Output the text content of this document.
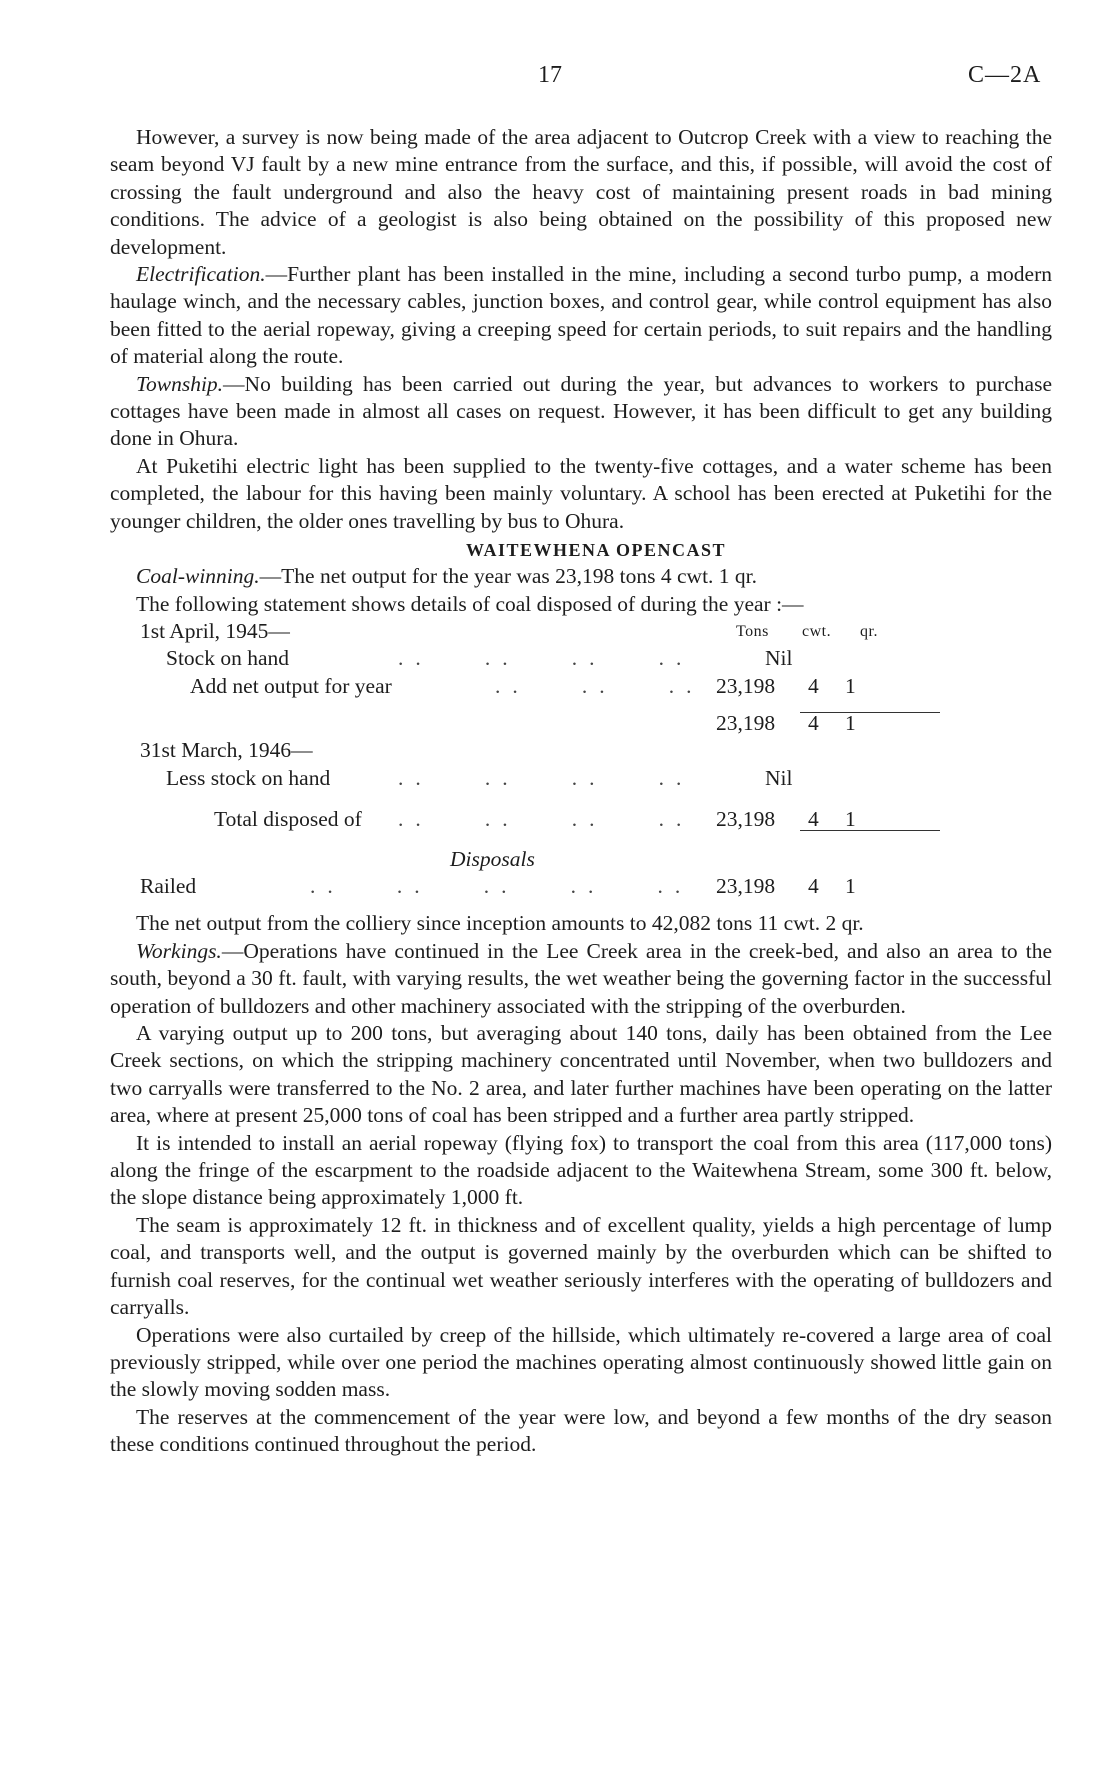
17	C—2A

However, a survey is now being made of the area adjacent to Outcrop Creek with a view to reaching the seam beyond VJ fault by a new mine entrance from the surface, and this, if possible, will avoid the cost of crossing the fault underground and also the heavy cost of maintaining present roads in bad mining conditions. The advice of a geologist is also being obtained on the possibility of this proposed new development.

Electrification.—Further plant has been installed in the mine, including a second turbo pump, a modern haulage winch, and the necessary cables, junction boxes, and control gear, while control equipment has also been fitted to the aerial ropeway, giving a creeping speed for certain periods, to suit repairs and the handling of material along the route.

Township.—No building has been carried out during the year, but advances to workers to purchase cottages have been made in almost all cases on request. However, it has been difficult to get any building done in Ohura.

At Puketihi electric light has been supplied to the twenty-five cottages, and a water scheme has been completed, the labour for this having been mainly voluntary. A school has been erected at Puketihi for the younger children, the older ones travelling by bus to Ohura.

WAITEWHENA OPENCAST

Coal-winning.—The net output for the year was 23,198 tons 4 cwt. 1 qr.

The following statement shows details of coal disposed of during the year :—

1st April, 1945—	Tons cwt. qr.
Stock on hand	..   ..   ..   ..	Nil
Add net output for year	..   ..   .. 23,198 4 1
23,198 4 1
31st March, 1946—
Less stock on hand	..   ..   ..   ..	Nil
Total disposed of ..   ..   ..   .. 23,198 4 1
Disposals
Railed	..   ..   ..   ..   .. 23,198 4 1

The net output from the colliery since inception amounts to 42,082 tons 11 cwt. 2 qr.

Workings.—Operations have continued in the Lee Creek area in the creek-bed, and also an area to the south, beyond a 30 ft. fault, with varying results, the wet weather being the governing factor in the successful operation of bulldozers and other machinery associated with the stripping of the overburden.

A varying output up to 200 tons, but averaging about 140 tons, daily has been obtained from the Lee Creek sections, on which the stripping machinery concentrated until November, when two bulldozers and two carryalls were transferred to the No. 2 area, and later further machines have been operating on the latter area, where at present 25,000 tons of coal has been stripped and a further area partly stripped.

It is intended to install an aerial ropeway (flying fox) to transport the coal from this area (117,000 tons) along the fringe of the escarpment to the roadside adjacent to the Waitewhena Stream, some 300 ft. below, the slope distance being approximately 1,000 ft.

The seam is approximately 12 ft. in thickness and of excellent quality, yields a high percentage of lump coal, and transports well, and the output is governed mainly by the overburden which can be shifted to furnish coal reserves, for the continual wet weather seriously interferes with the operating of bulldozers and carryalls.

Operations were also curtailed by creep of the hillside, which ultimately re-covered a large area of coal previously stripped, while over one period the machines operating almost continuously showed little gain on the slowly moving sodden mass.

The reserves at the commencement of the year were low, and beyond a few months of the dry season these conditions continued throughout the period.
